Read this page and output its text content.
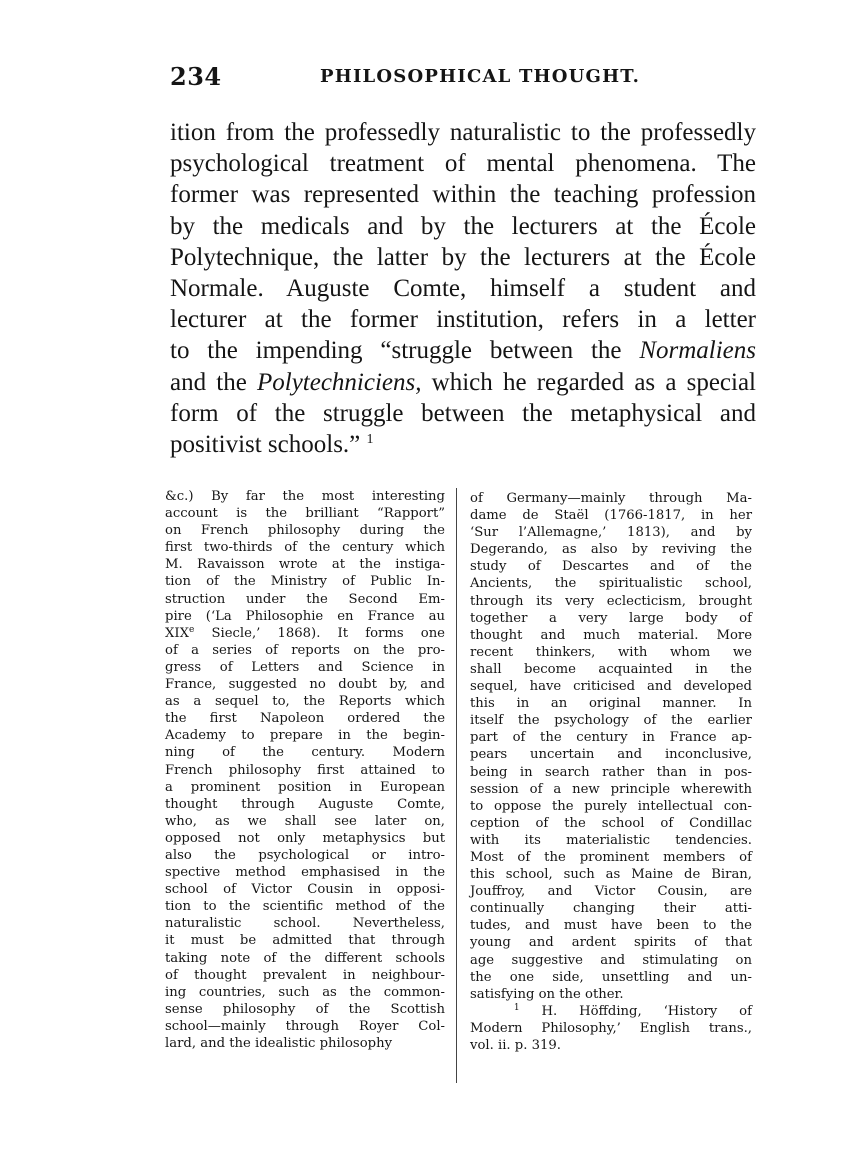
234	PHILOSOPHICAL THOUGHT.
ition from the professedly naturalistic to the professedly
psychological treatment of mental phenomena. The
former was represented within the teaching profession
by the medicals and by the lecturers at the École
Polytechnique, the latter by the lecturers at the École
Normale. Auguste Comte, himself a student and
lecturer at the former institution, refers in a letter
to the impending “struggle between the Normaliens
and the Polytechniciens, which he regarded as a special
form of the struggle between the metaphysical and
positivist schools.” $^1$
&c.) By far the most interesting
account is the brilliant “Rapport”
on French philosophy during the
first two-thirds of the century which
M. Ravaisson wrote at the instiga-
tion of the Ministry of Public In-
struction under the Second Em-
pire (‘La Philosophie en France au
XIXe Siecle,’ 1868). It forms one
of a series of reports on the pro-
gress of Letters and Science in
France, suggested no doubt by, and
as a sequel to, the Reports which
the first Napoleon ordered the
Academy to prepare in the begin-
ning of the century. Modern
French philosophy first attained to
a prominent position in European
thought through Auguste Comte,
who, as we shall see later on,
opposed not only metaphysics but
also the psychological or intro-
spective method emphasised in the
school of Victor Cousin in opposi-
tion to the scientific method of the
naturalistic school. Nevertheless,
it must be admitted that through
taking note of the different schools
of thought prevalent in neighbour-
ing countries, such as the common-
sense philosophy of the Scottish
school—mainly through Royer Col-
lard, and the idealistic philosophy
of Germany—mainly through Ma-
dame de Staël (1766-1817, in her
‘Sur l’Allemagne,’ 1813), and by
Degerando, as also by reviving the
study of Descartes and of the
Ancients, the spiritualistic school,
through its very eclecticism, brought
together a very large body of
thought and much material. More
recent thinkers, with whom we
shall become acquainted in the
sequel, have criticised and developed
this in an original manner. In
itself the psychology of the earlier
part of the century in France ap-
pears uncertain and inconclusive,
being in search rather than in pos-
session of a new principle wherewith
to oppose the purely intellectual con-
ception of the school of Condillac
with its materialistic tendencies.
Most of the prominent members of
this school, such as Maine de Biran,
Jouffroy, and Victor Cousin, are
continually changing their atti-
tudes, and must have been to the
young and ardent spirits of that
age suggestive and stimulating on
the one side, unsettling and un-
satisfying on the other.
$^1$ H. Höffding, ‘History of
Modern Philosophy,’ English trans.,
vol. ii. p. 319.
